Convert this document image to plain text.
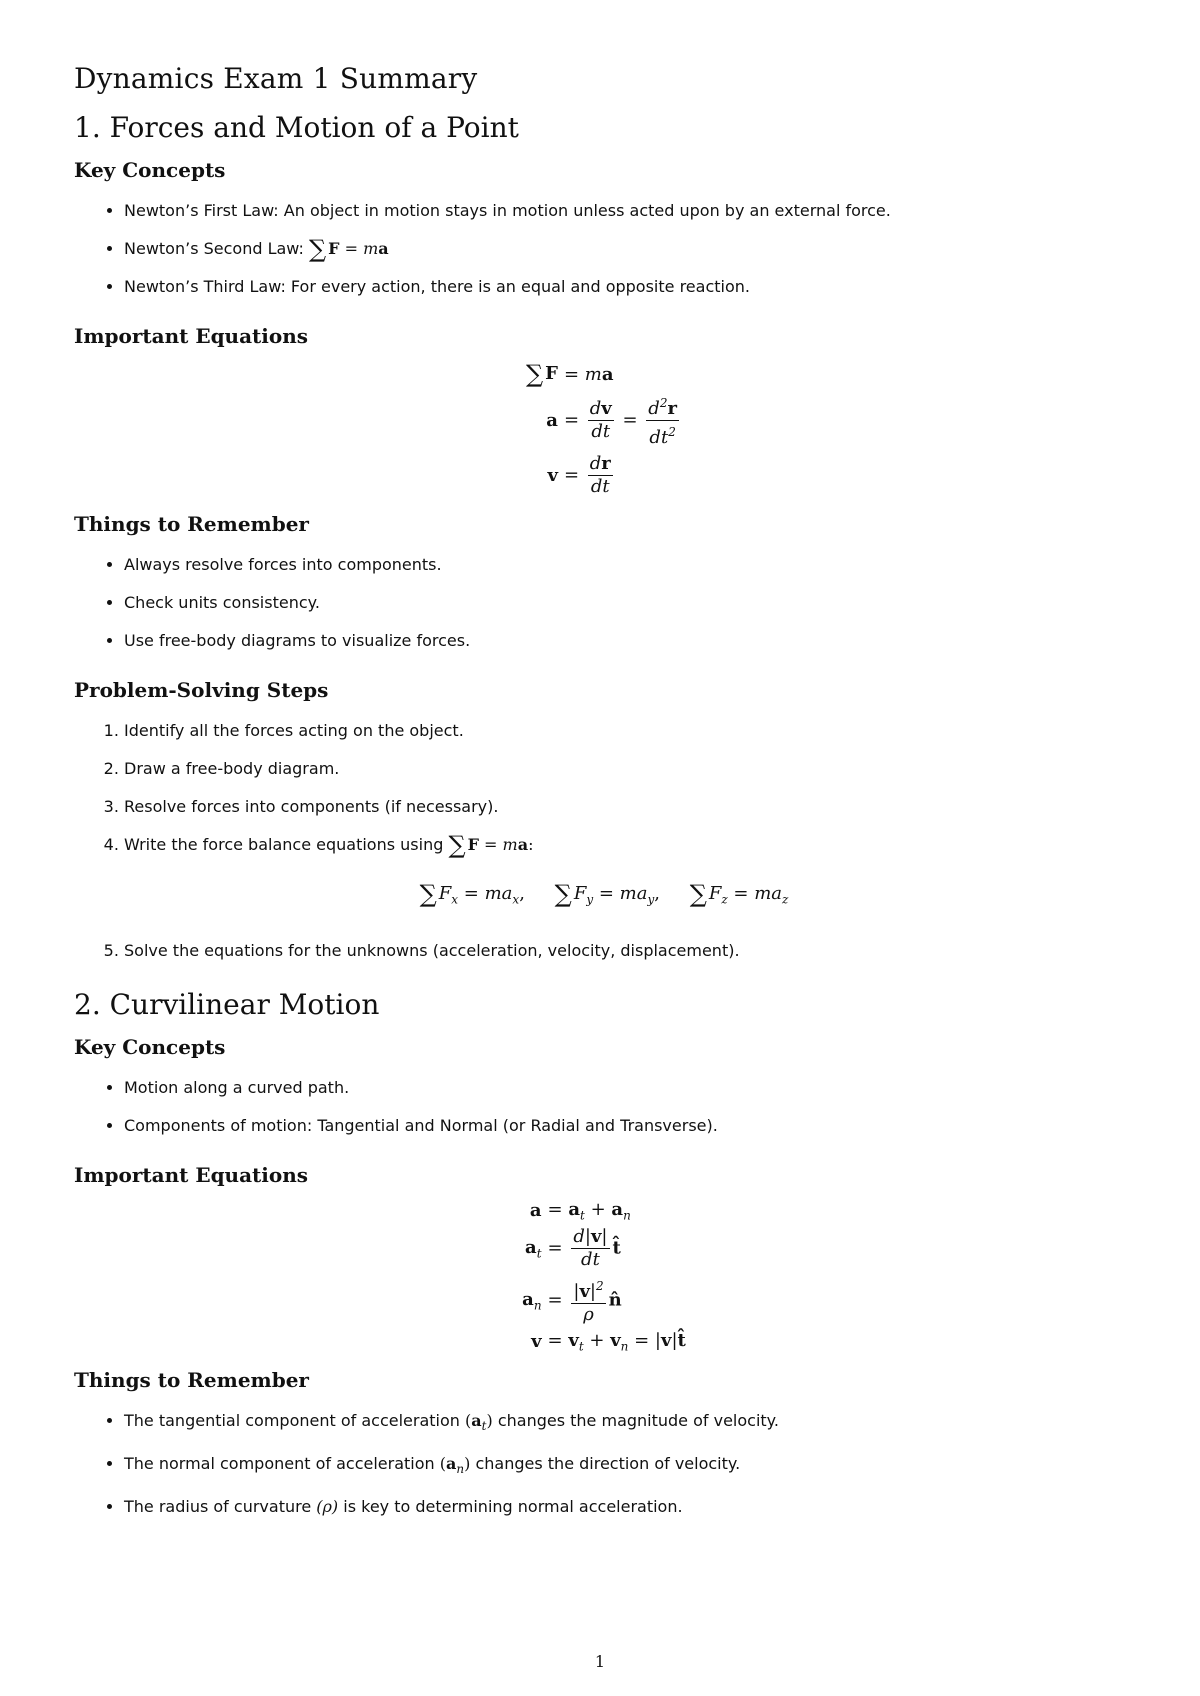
Dynamics Exam 1 Summary
1. Forces and Motion of a Point
Key Concepts
• Newton’s First Law: An object in motion stays in motion unless acted upon by an external force.
• Newton’s Second Law: ∑ F = ma
• Newton’s Third Law: For every action, there is an equal and opposite reaction.
Important Equations
∑ F = ma
$a = \frac{dv}{dt} = \frac{d^2r}{dt^2}$
$v = \frac{dr}{dt}$
Things to Remember
• Always resolve forces into components.
• Check units consistency.
• Use free-body diagrams to visualize forces.
Problem-Solving Steps
1. Identify all the forces acting on the object.
2. Draw a free-body diagram.
3. Resolve forces into components (if necessary).
4. Write the force balance equations using ∑ F = ma:
∑ $F_x = ma_x$, ∑ $F_y = ma_y$, ∑ $F_z = ma_z$
5. Solve the equations for the unknowns (acceleration, velocity, displacement).
2. Curvilinear Motion
Key Concepts
• Motion along a curved path.
• Components of motion: Tangential and Normal (or Radial and Transverse).
Important Equations
$a = a_t + a_n$
$a_t = \frac{d|v|}{dt}$ t̂
$a_n = \frac{|v|^2}{\rho}$ n̂
$v = v_t + v_n$ = |v|t̂
Things to Remember
• The tangential component of acceleration $(a_t)$ changes the magnitude of velocity.
• The normal component of acceleration $(a_n)$ changes the direction of velocity.
• The radius of curvature (ρ) is key to determining normal acceleration.
1
